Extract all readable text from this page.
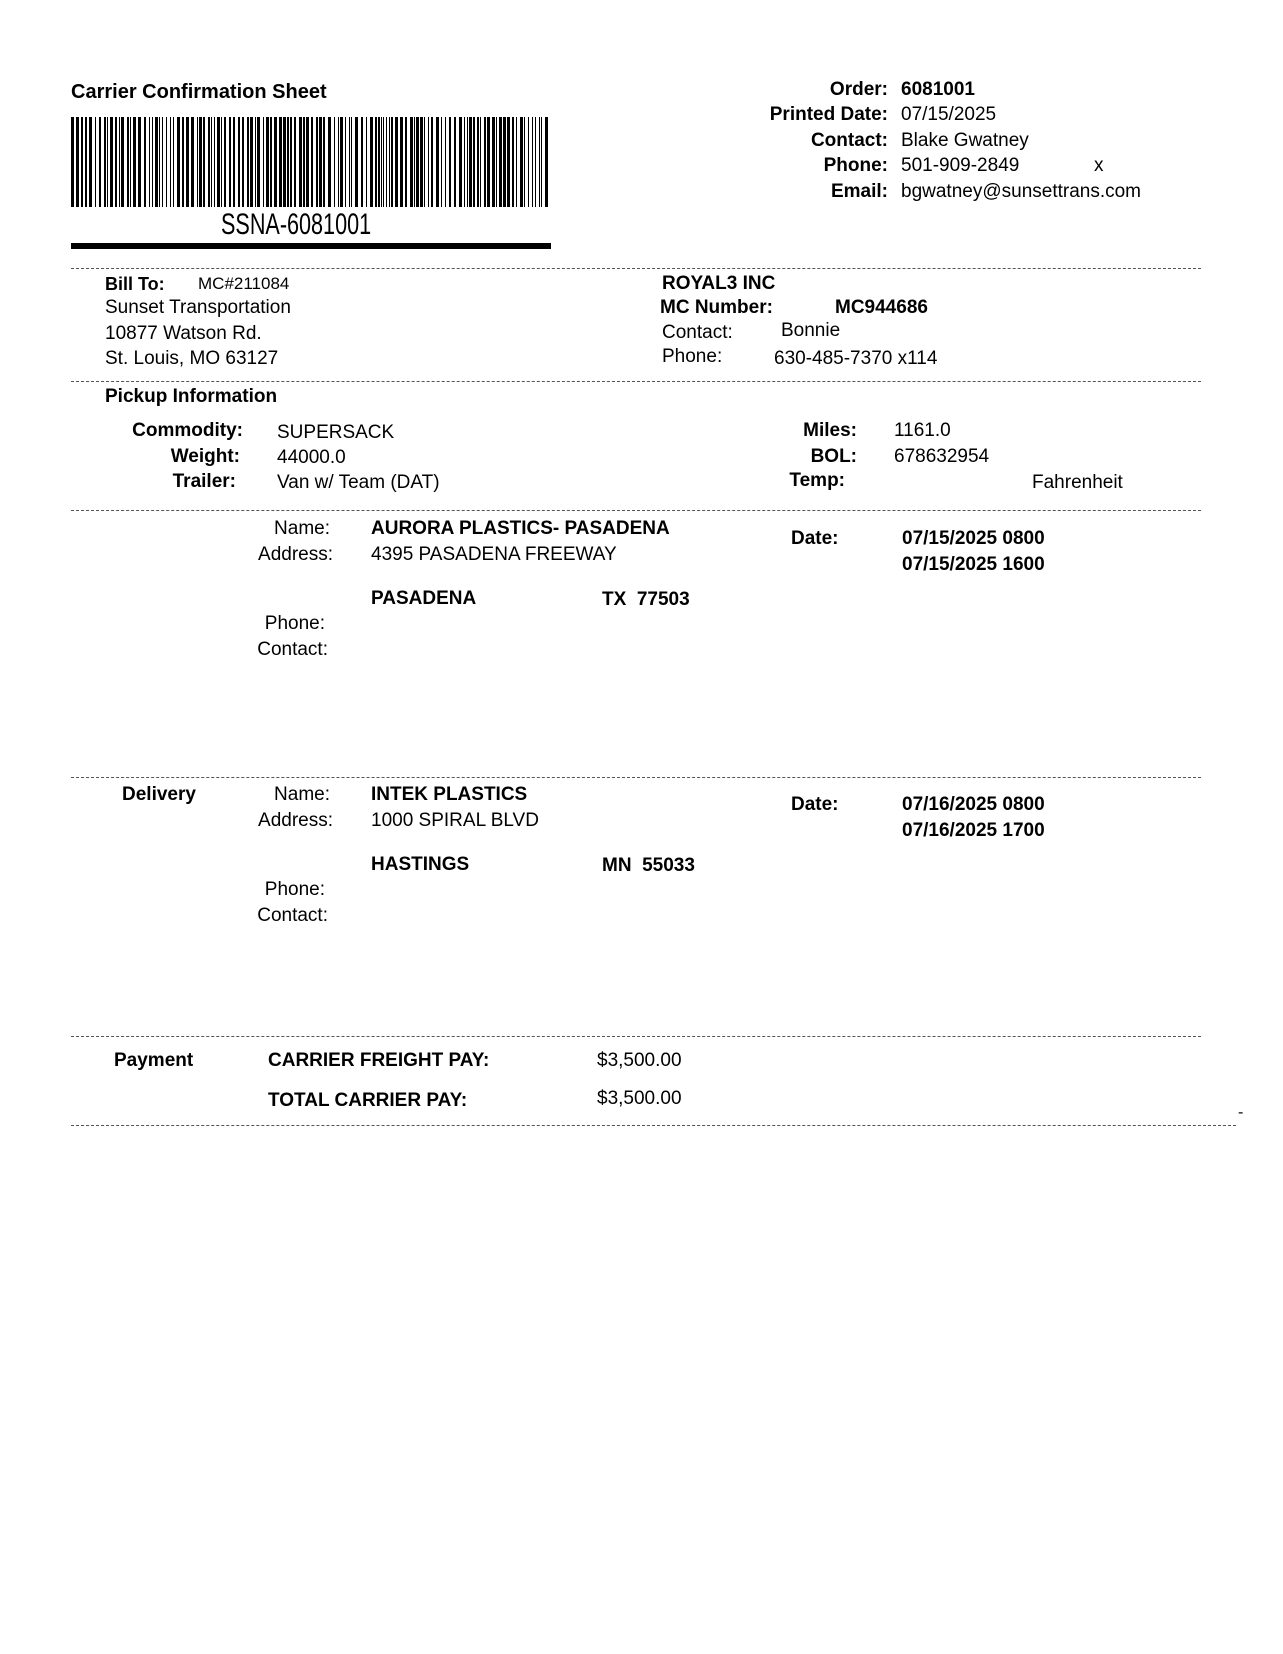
Carrier Confirmation Sheet
SSNA-6081001
Order: 6081001
Printed Date: 07/15/2025
Contact: Blake Gwatney
Phone: 501-909-2849	x
Email: bgwatney@sunsettrans.com
Bill To: MC#211084
Sunset Transportation
10877 Watson Rd.
St. Louis, MO 63127
ROYAL3 INC
MC Number:	MC944686
Contact:	Bonnie
Phone:	630-485-7370 x114
Pickup Information
Commodity: SUPERSACK
Weight: 44000.0
Trailer: Van w/ Team (DAT)
Miles: 1161.0
BOL: 678632954
Temp:	Fahrenheit
Name: AURORA PLASTICS- PASADENA
Address: 4395 PASADENA FREEWAY
PASADENA	TX  77503
Phone:
Contact:
Date:	07/15/2025 0800
07/15/2025 1600
Delivery	Name: INTEK PLASTICS
Address: 1000 SPIRAL BLVD
HASTINGS	MN  55033
Phone:
Contact:
Date:	07/16/2025 0800
07/16/2025 1700
Payment	CARRIER FREIGHT PAY:	$3,500.00
TOTAL CARRIER PAY:	$3,500.00
-
